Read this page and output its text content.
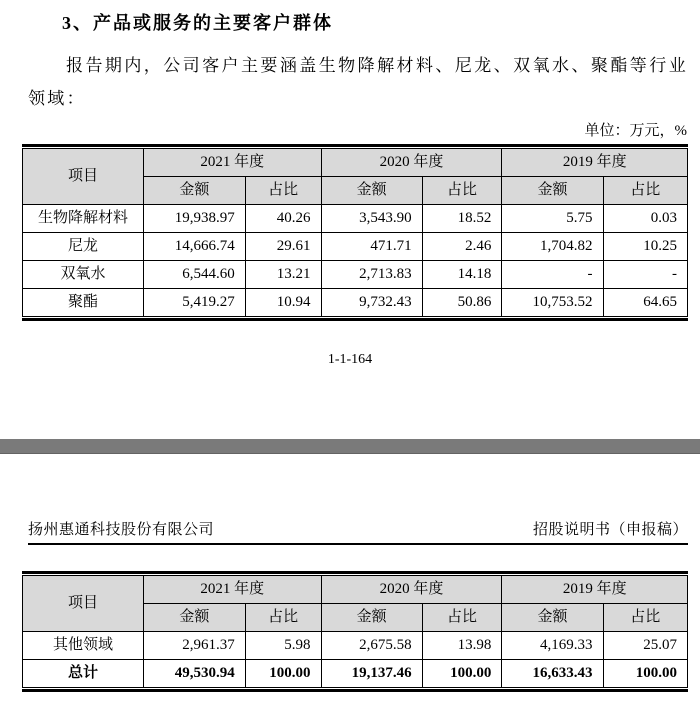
3、产品或服务的主要客户群体

报告期内，公司客户主要涵盖生物降解材料、尼龙、双氧水、聚酯等行业领域：

单位：万元，%
项目	2021 年度		2020 年度		2019 年度	
	金额	占比	金额	占比	金额	占比
生物降解材料	19,938.97	40.26	3,543.90	18.52	5.75	0.03
尼龙	14,666.74	29.61	471.71	2.46	1,704.82	10.25
双氧水	6,544.60	13.21	2,713.83	14.18	-	-
聚酯	5,419.27	10.94	9,732.43	50.86	10,753.52	64.65
1-1-164
扬州惠通科技股份有限公司	招股说明书（申报稿）
项目	2021 年度		2020 年度		2019 年度	
	金额	占比	金额	占比	金额	占比
其他领域	2,961.37	5.98	2,675.58	13.98	4,169.33	25.07
总计	49,530.94	100.00	19,137.46	100.00	16,633.43	100.00
